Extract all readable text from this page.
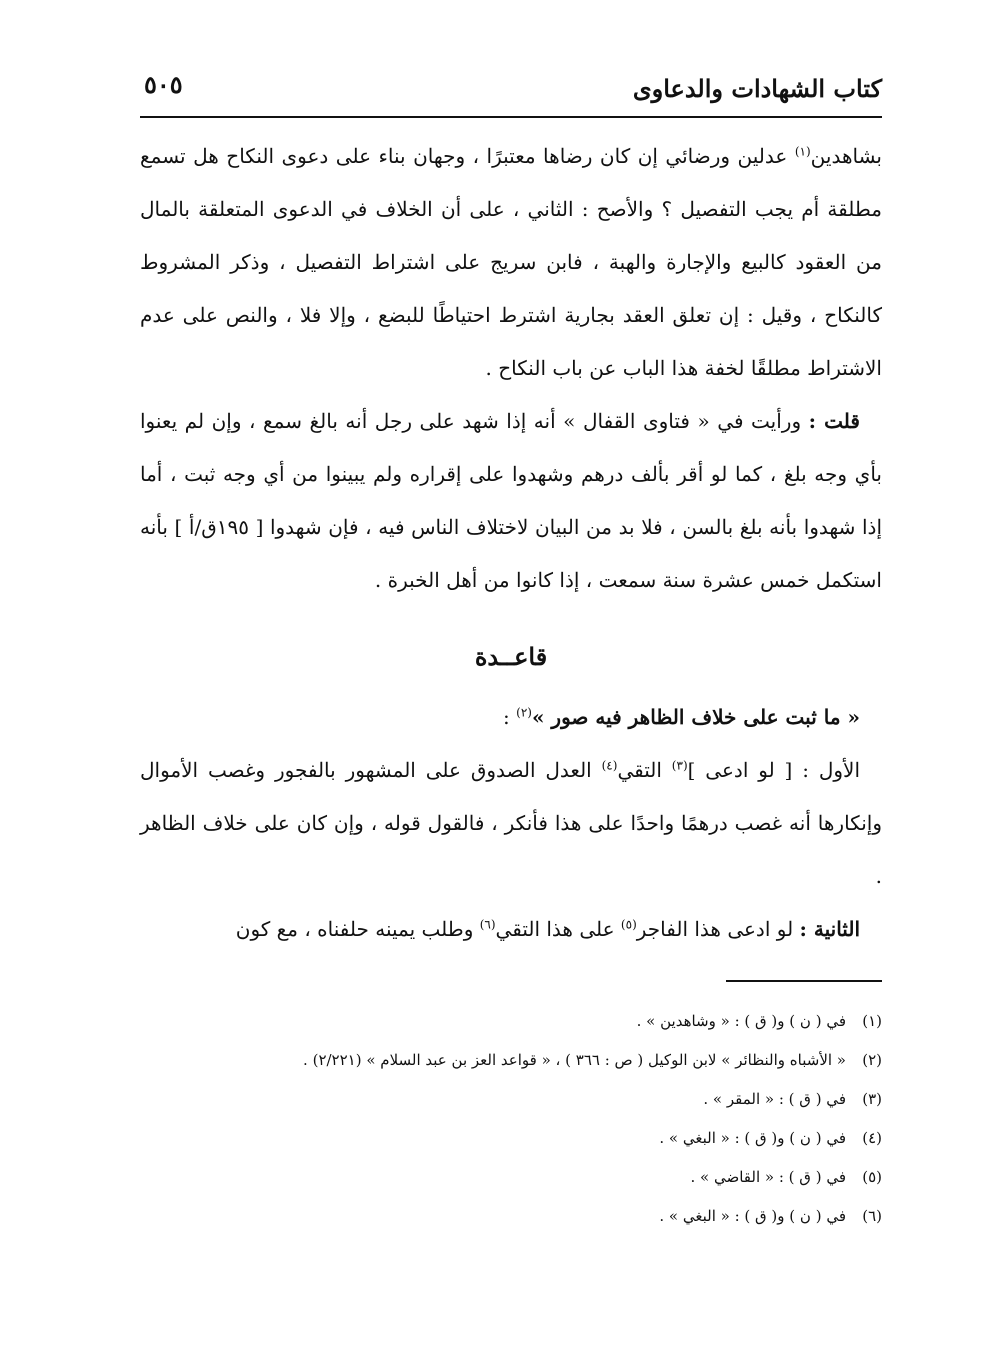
كتاب الشهادات والدعاوى
٥٠٥

بشاهدين$^{(١)}$ عدلين ورضائي إن كان رضاها معتبرًا ، وجهان بناء على دعوى النكاح هل تسمع مطلقة أم يجب التفصيل ؟ والأصح : الثاني ، على أن الخلاف في الدعوى المتعلقة بالمال من العقود كالبيع والإجارة والهبة ، فابن سريج على اشتراط التفصيل ، وذكر المشروط كالنكاح ، وقيل : إن تعلق العقد بجارية اشترط احتياطًا للبضع ، وإلا فلا ، والنص على عدم الاشتراط مطلقًا لخفة هذا الباب عن باب النكاح .

قلت : ورأيت في « فتاوى القفال » أنه إذا شهد على رجل أنه بالغ سمع ، وإن لم يعنوا بأي وجه بلغ ، كما لو أقر بألف درهم وشهدوا على إقراره ولم يبينوا من أي وجه ثبت ، أما إذا شهدوا بأنه بلغ بالسن ، فلا بد من البيان لاختلاف الناس فيه ، فإن شهدوا [ ١٩٥ق/أ ] بأنه استكمل خمس عشرة سنة سمعت ، إذا كانوا من أهل الخبرة .

قاعــدة

« ما ثبت على خلاف الظاهر فيه صور »$^{(٢)}$ :

الأول : [ لو ادعى ]$^{(٣)}$ التقي$^{(٤)}$ العدل الصدوق على المشهور بالفجور وغصب الأموال وإنكارها أنه غصب درهمًا واحدًا على هذا فأنكر ، فالقول قوله ، وإن كان على خلاف الظاهر .

الثانية : لو ادعى هذا الفاجر$^{(٥)}$ على هذا التقي$^{(٦)}$ وطلب يمينه حلفناه ، مع كون

(١)في ( ن ) و( ق ) : « وشاهدين » .
(٢)« الأشباه والنظائر » لابن الوكيل ( ص : ٣٦٦ ) ، « قواعد العز بن عبد السلام » (٢/٢٢١) .
(٣)في ( ق ) : « المقر » .
(٤)في ( ن ) و( ق ) : « البغي » .
(٥)في ( ق ) : « القاضي » .
(٦)في ( ن ) و( ق ) : « البغي » .
